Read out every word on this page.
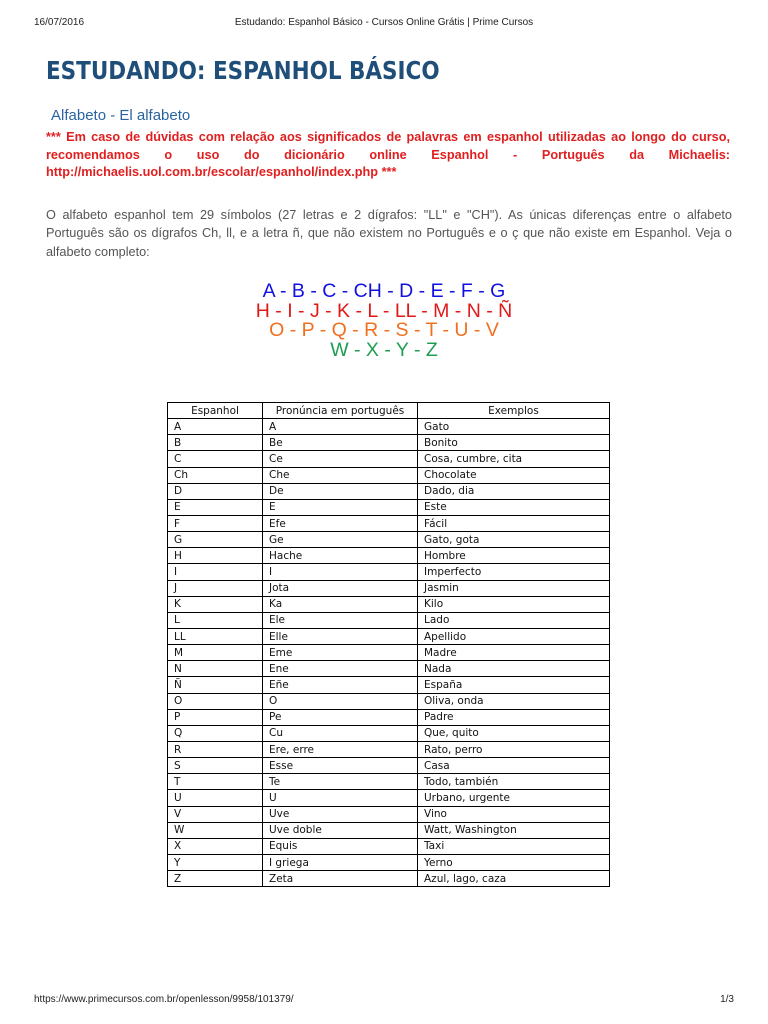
16/07/2016	Estudando: Espanhol Básico - Cursos Online Grátis | Prime Cursos
ESTUDANDO: ESPANHOL BÁSICO
Alfabeto - El alfabeto
*** Em caso de dúvidas com relação aos significados de palavras em espanhol utilizadas ao longo do curso, recomendamos o uso do dicionário online Espanhol - Português da Michaelis: http://michaelis.uol.com.br/escolar/espanhol/index.php ***

O alfabeto espanhol tem 29 símbolos (27 letras e 2 dígrafos: "LL" e "CH"). As únicas diferenças entre o alfabeto Português são os dígrafos Ch, ll, e a letra ñ, que não existem no Português e o ç que não existe em Espanhol. Veja o alfabeto completo:

A - B - C - CH - D - E - F - G
H - I - J - K - L - LL - M - N - Ñ
O - P - Q - R - S - T - U - V
W - X - Y - Z
Espanhol	Pronúncia em português	Exemplos
A	A	Gato
B	Be	Bonito
C	Ce	Cosa, cumbre, cita
Ch	Che	Chocolate
D	De	Dado, dia
E	E	Este
F	Efe	Fácil
G	Ge	Gato, gota
H	Hache	Hombre
I	I	Imperfecto
J	Jota	Jasmin
K	Ka	Kilo
L	Ele	Lado
LL	Elle	Apellido
M	Eme	Madre
N	Ene	Nada
Ñ	Eñe	España
O	O	Oliva, onda
P	Pe	Padre
Q	Cu	Que, quito
R	Ere, erre	Rato, perro
S	Esse	Casa
T	Te	Todo, también
U	U	Urbano, urgente
V	Uve	Vino
W	Uve doble	Watt, Washington
X	Equis	Taxi
Y	I griega	Yerno
Z	Zeta	Azul, lago, caza
https://www.primecursos.com.br/openlesson/9958/101379/	1/3
